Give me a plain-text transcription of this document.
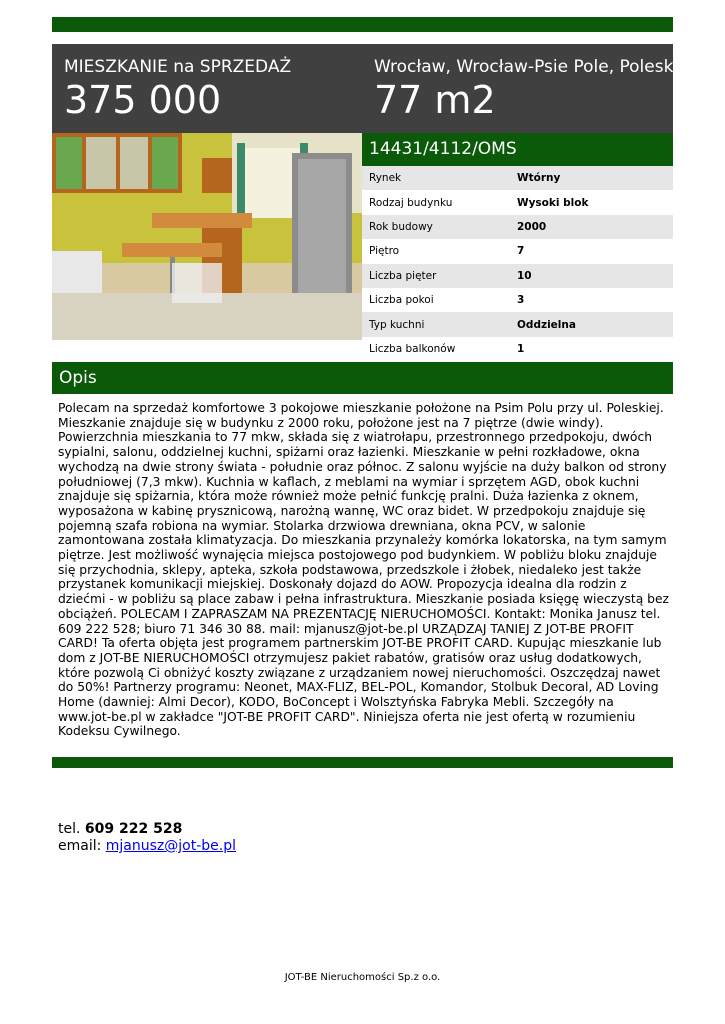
MIESZKANIE na SPRZEDAŻ
375 000
Wrocław, Wrocław-Psie Pole, Poleska
77 m2
14431/4112/OMS
Rynek	Wtórny
Rodzaj budynku	Wysoki blok
Rok budowy	2000
Piętro	7
Liczba pięter	10
Liczba pokoi	3
Typ kuchni	Oddzielna
Liczba balkonów	1
Opis
Polecam na sprzedaż komfortowe 3 pokojowe mieszkanie położone na Psim Polu przy ul. Poleskiej. Mieszkanie znajduje się w budynku z 2000 roku, położone jest na 7 piętrze (dwie windy). Powierzchnia mieszkania to 77 mkw, składa się z wiatrołapu, przestronnego przedpokoju, dwóch sypialni, salonu, oddzielnej kuchni, spiżarni oraz łazienki. Mieszkanie w pełni rozkładowe, okna wychodzą na dwie strony świata - południe oraz północ. Z salonu wyjście na duży balkon od strony południowej (7,3 mkw). Kuchnia w kaflach, z meblami na wymiar i sprzętem AGD, obok kuchni znajduje się spiżarnia, która może również może pełnić funkcję pralni. Duża łazienka z oknem, wyposażona w kabinę prysznicową, narożną wannę, WC oraz bidet. W przedpokoju znajduje się pojemną szafa robiona na wymiar. Stolarka drzwiowa drewniana, okna PCV, w salonie zamontowana została klimatyzacja. Do mieszkania przynależy komórka lokatorska, na tym samym piętrze. Jest możliwość wynajęcia miejsca postojowego pod budynkiem. W pobliżu bloku znajduje się przychodnia, sklepy, apteka, szkoła podstawowa, przedszkole i żłobek, niedaleko jest także przystanek komunikacji miejskiej. Doskonały dojazd do AOW. Propozycja idealna dla rodzin z dziećmi - w pobliżu są place zabaw i pełna infrastruktura. Mieszkanie posiada księgę wieczystą bez obciążeń. POLECAM I ZAPRASZAM NA PREZENTACJĘ NIERUCHOMOŚCI. Kontakt: Monika Janusz tel. 609 222 528; biuro 71 346 30 88. mail: mjanusz@jot-be.pl URZĄDZAJ TANIEJ Z JOT-BE PROFIT CARD! Ta oferta objęta jest programem partnerskim JOT-BE PROFIT CARD. Kupując mieszkanie lub dom z JOT-BE NIERUCHOMOŚCI otrzymujesz pakiet rabatów, gratisów oraz usług dodatkowych, które pozwolą Ci obniżyć koszty związane z urządzaniem nowej nieruchomości. Oszczędzaj nawet do 50%! Partnerzy programu: Neonet, MAX-FLIZ, BEL-POL, Komandor, Stolbuk Decoral, AD Loving Home (dawniej: Almi Decor), KODO, BoConcept i Wolsztyńska Fabryka Mebli. Szczegóły na www.jot-be.pl w zakładce "JOT-BE PROFIT CARD". Niniejsza oferta nie jest ofertą w rozumieniu Kodeksu Cywilnego.
tel. 609 222 528
email: mjanusz@jot-be.pl
JOT-BE Nieruchomości Sp.z o.o.
